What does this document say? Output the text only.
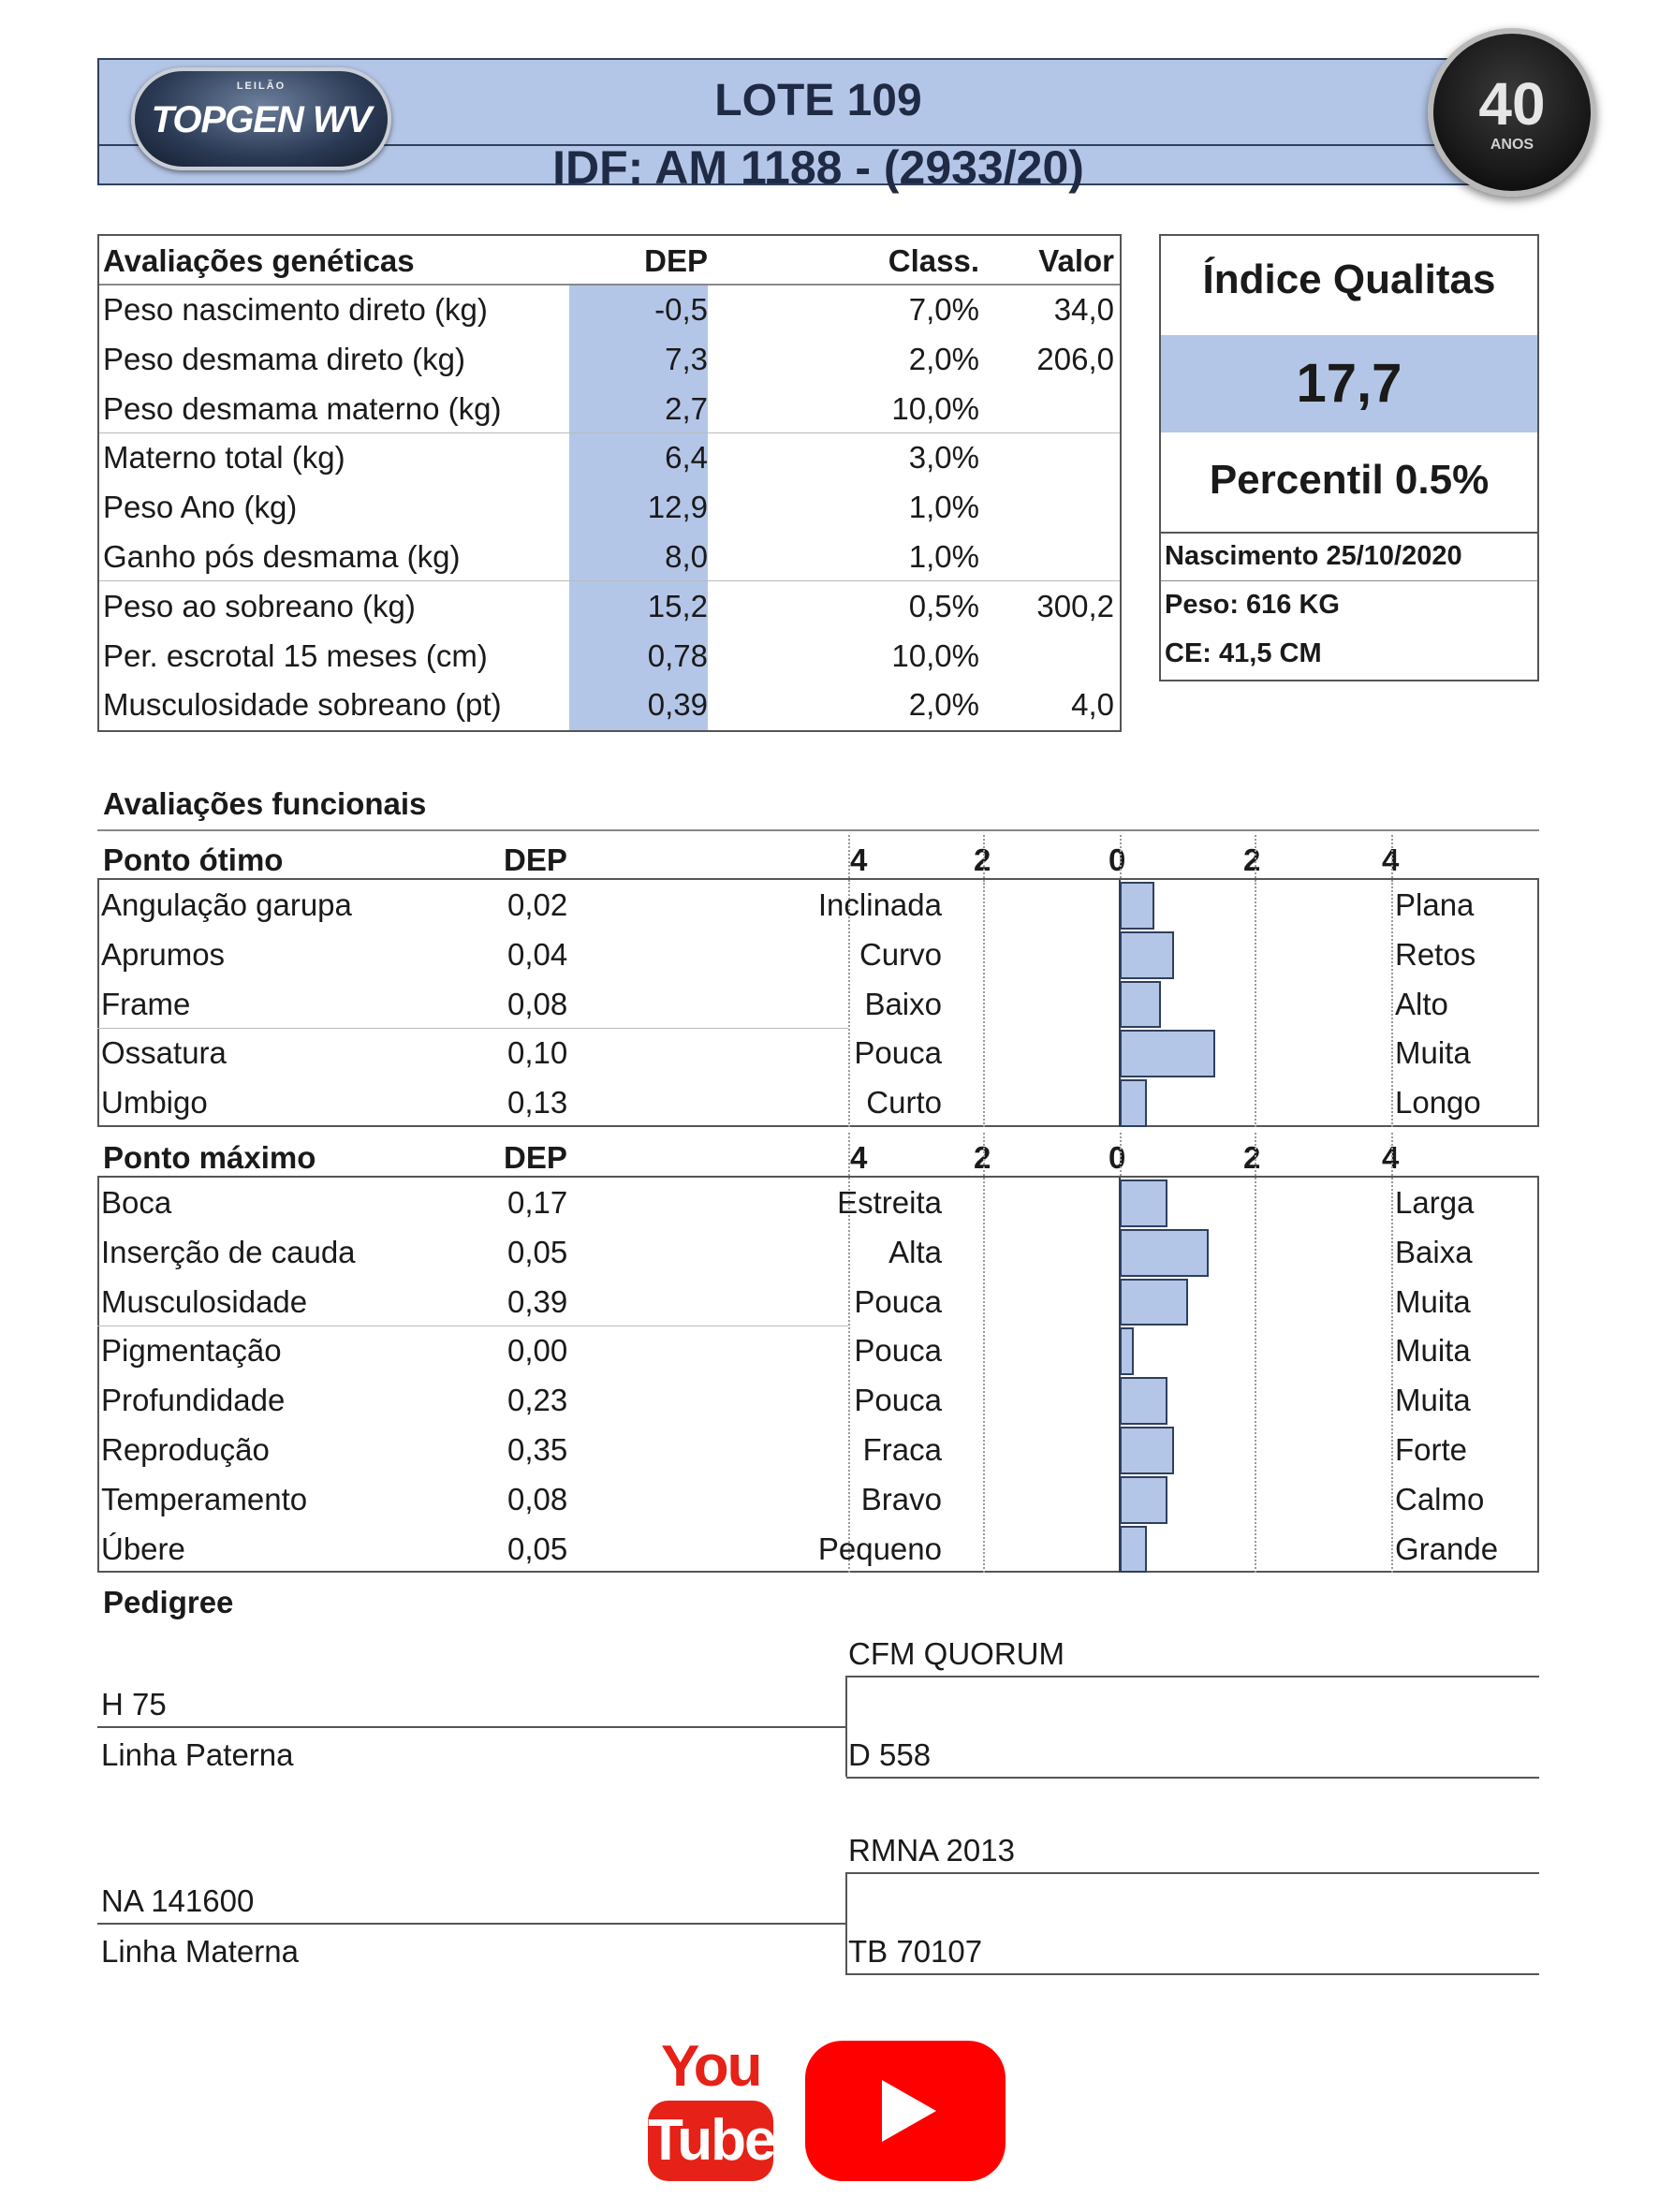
LOTE 109
IDF: AM 1188 - (2933/20)
LEILÃO
TOPGEN WV	40
ANOS
Avaliações genéticas	DEP	Class. Valor
Peso nascimento direto (kg)	-0,5	7,0% 34,0
Peso desmama direto (kg)	7,3	2,0% 206,0
Peso desmama materno (kg)	2,7	10,0%
Materno total (kg)	6,4	3,0%
Peso Ano (kg)	12,9	1,0%
Ganho pós desmama (kg)	8,0	1,0%
Peso ao sobreano (kg)	15,2	0,5% 300,2
Per. escrotal 15 meses (cm)	0,78	10,0%
Musculosidade sobreano (pt)	0,39	2,0%	4,0
Índice Qualitas
17,7
Percentil 0.5%
Nascimento 25/10/2020
Peso: 616 KG
CE: 41,5 CM
Avaliações funcionais
Ponto ótimo	DEP	4	2	0	2	4
Angulação garupa	0,02	Inclinada	Plana
Aprumos	0,04	Curvo	Retos
Frame	0,08	Baixo	Alto
Ossatura	0,10	Pouca	Muita
Umbigo	0,13	Curto	Longo
Ponto máximo	DEP	4	2	0	2	4
Boca	0,17	Estreita	Larga
Inserção de cauda	0,05	Alta	Baixa
Musculosidade	0,39	Pouca	Muita
Pigmentação	0,00	Pouca	Muita
Profundidade	0,23	Pouca	Muita
Reprodução	0,35	Fraca	Forte
Temperamento	0,08	Bravo	Calmo
Úbere	0,05	Pequeno	Grande
Pedigree
CFM QUORUM
H 75
Linha Paterna	D 558
RMNA 2013
NA 141600
Linha Materna	TB 70107
You
Tube
